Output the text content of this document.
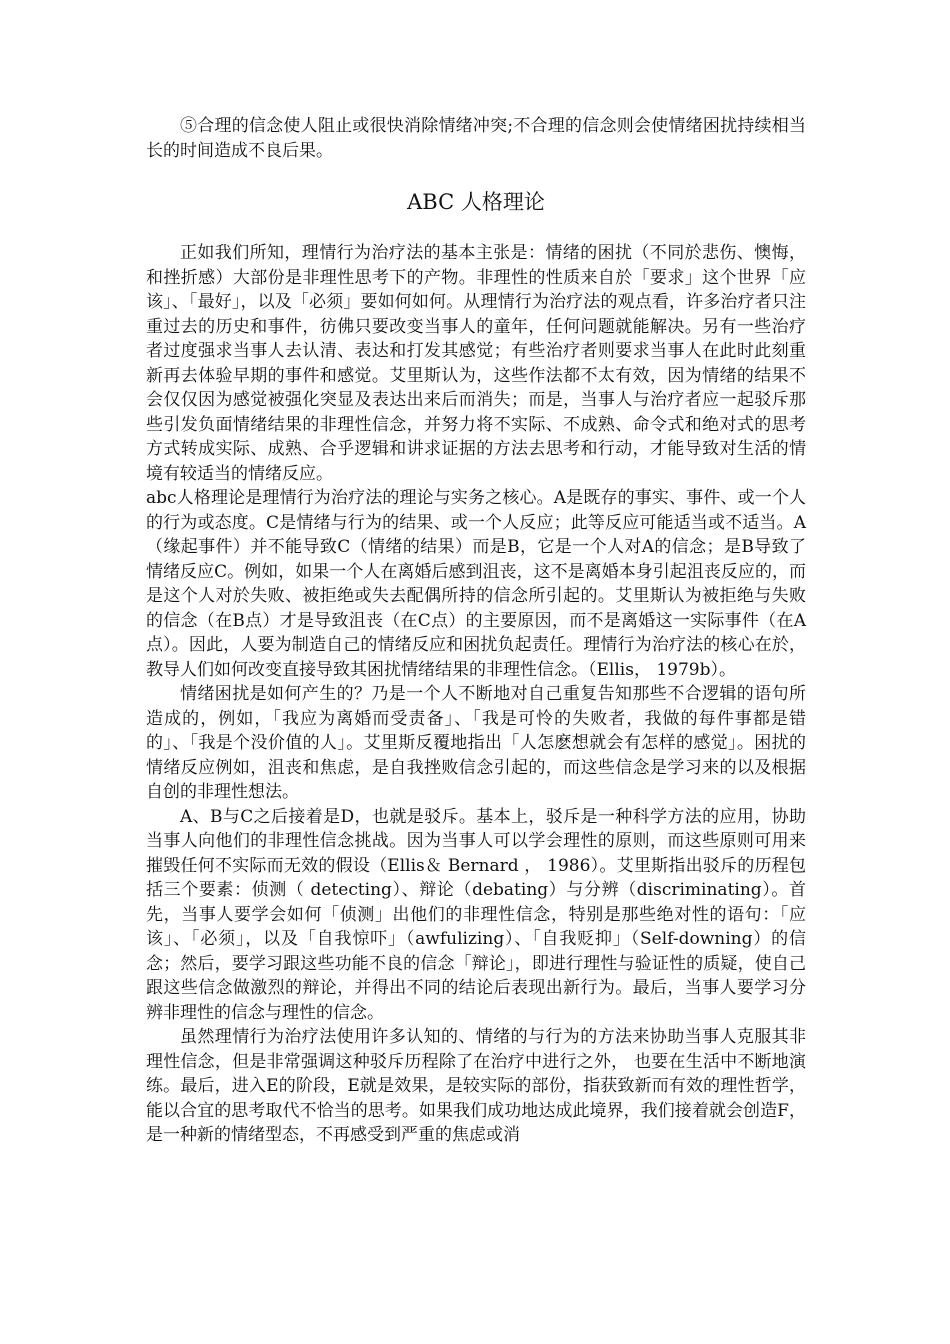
⑤合理的信念使人阻止或很快消除情绪冲突;不合理的信念则会使情绪困扰持续相当长的时间造成不良后果。

ABC 人格理论

正如我们所知，理情行为治疗法的基本主张是：情绪的困扰（不同於悲伤、懊悔，和挫折感）大部份是非理性思考下的产物。非理性的性质来自於「要求」这个世界「应该」、「最好」，以及「必须」要如何如何。从理情行为治疗法的观点看，许多治疗者只注重过去的历史和事件，彷佛只要改变当事人的童年，任何问题就能解决。另有一些治疗者过度强求当事人去认清、表达和打发其感觉；有些治疗者则要求当事人在此时此刻重新再去体验早期的事件和感觉。艾里斯认为，这些作法都不太有效，因为情绪的结果不会仅仅因为感觉被强化突显及表达出来后而消失；而是，当事人与治疗者应一起驳斥那些引发负面情绪结果的非理性信念，并努力将不实际、不成熟、命令式和绝对式的思考方式转成实际、成熟、合乎逻辑和讲求证据的方法去思考和行动，才能导致对生活的情境有较适当的情绪反应。

abc人格理论是理情行为治疗法的理论与实务之核心。A是既存的事实、事件、或一个人的行为或态度。C是情绪与行为的结果、或一个人反应；此等反应可能适当或不适当。A（缘起事件）并不能导致C（情绪的结果）而是B，它是一个人对A的信念；是B导致了情绪反应C。例如，如果一个人在离婚后感到沮丧，这不是离婚本身引起沮丧反应的，而是这个人对於失败、被拒绝或失去配偶所持的信念所引起的。艾里斯认为被拒绝与失败的信念（在B点）才是导致沮丧（在C点）的主要原因，而不是离婚这一实际事件（在A点）。因此，人要为制造自己的情绪反应和困扰负起责任。理情行为治疗法的核心在於，教导人们如何改变直接导致其困扰情绪结果的非理性信念。（Ellis， 1979b）。

情绪困扰是如何产生的？乃是一个人不断地对自己重复告知那些不合逻辑的语句所造成的，例如，「我应为离婚而受责备」、「我是可怜的失败者，我做的每件事都是错的」、「我是个没价值的人」。艾里斯反覆地指出「人怎麽想就会有怎样的感觉」。困扰的情绪反应例如，沮丧和焦虑，是自我挫败信念引起的，而这些信念是学习来的以及根据自创的非理性想法。

A、B与C之后接着是D，也就是驳斥。基本上，驳斥是一种科学方法的应用，协助当事人向他们的非理性信念挑战。因为当事人可以学会理性的原则，而这些原则可用来摧毁任何不实际而无效的假设（Ellis＆ Bernard ， 1986）。艾里斯指出驳斥的历程包括三个要素：侦测（ detecting）、辩论（debating）与分辨（discriminating）。首先，当事人要学会如何「侦测」出他们的非理性信念，特别是那些绝对性的语句：「应该」、「必须」，以及「自我惊吓」（awfulizing）、「自我贬抑」（Self-downing）的信念；然后，要学习跟这些功能不良的信念「辩论」，即进行理性与验证性的质疑，使自己跟这些信念做激烈的辩论，并得出不同的结论后表现出新行为。最后，当事人要学习分辨非理性的信念与理性的信念。

虽然理情行为治疗法使用许多认知的、情绪的与行为的方法来协助当事人克服其非理性信念，但是非常强调这种驳斥历程除了在治疗中进行之外， 也要在生活中不断地演练。最后，进入E的阶段，E就是效果，是较实际的部份，指获致新而有效的理性哲学，能以合宜的思考取代不恰当的思考。如果我们成功地达成此境界，我们接着就会创造F，是一种新的情绪型态，不再感受到严重的焦虑或消
